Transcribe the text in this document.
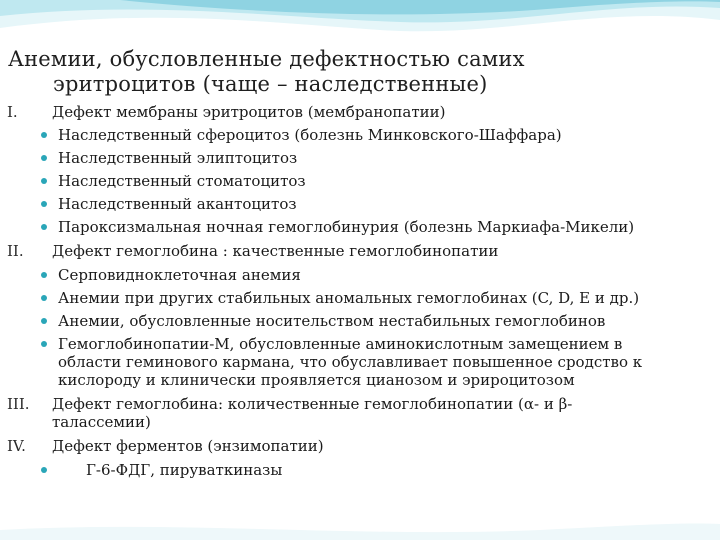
Анемии, обусловленные дефектностью самих
эритроцитов (чаще – наследственные)
I. Дефект мембраны эритроцитов (мембранопатии)
Наследственный сфероцитоз (болезнь Минковского-Шаффара)
Наследственный элиптоцитоз
Наследственный стоматоцитоз
Наследственный акантоцитоз
Пароксизмальная ночная гемоглобинурия (болезнь Маркиафа-Микели)
II. Дефект гемоглобина : качественные гемоглобинопатии
Серповидноклеточная анемия
Анемии при других стабильных аномальных гемоглобинах (C, D, E и др.)
Анемии, обусловленные носительством нестабильных гемоглобинов
Гемоглобинопатии-М, обусловленные аминокислотным замещением в
области геминового кармана, что обуславливает повышенное сродство к
кислороду и клинически проявляется цианозом и эрироцитозом
III. Дефект гемоглобина: количественные гемоглобинопатии (α- и β-
талассемии)
IV. Дефект ферментов (энзимопатии)
Г-6-ФДГ, пируваткиназы
